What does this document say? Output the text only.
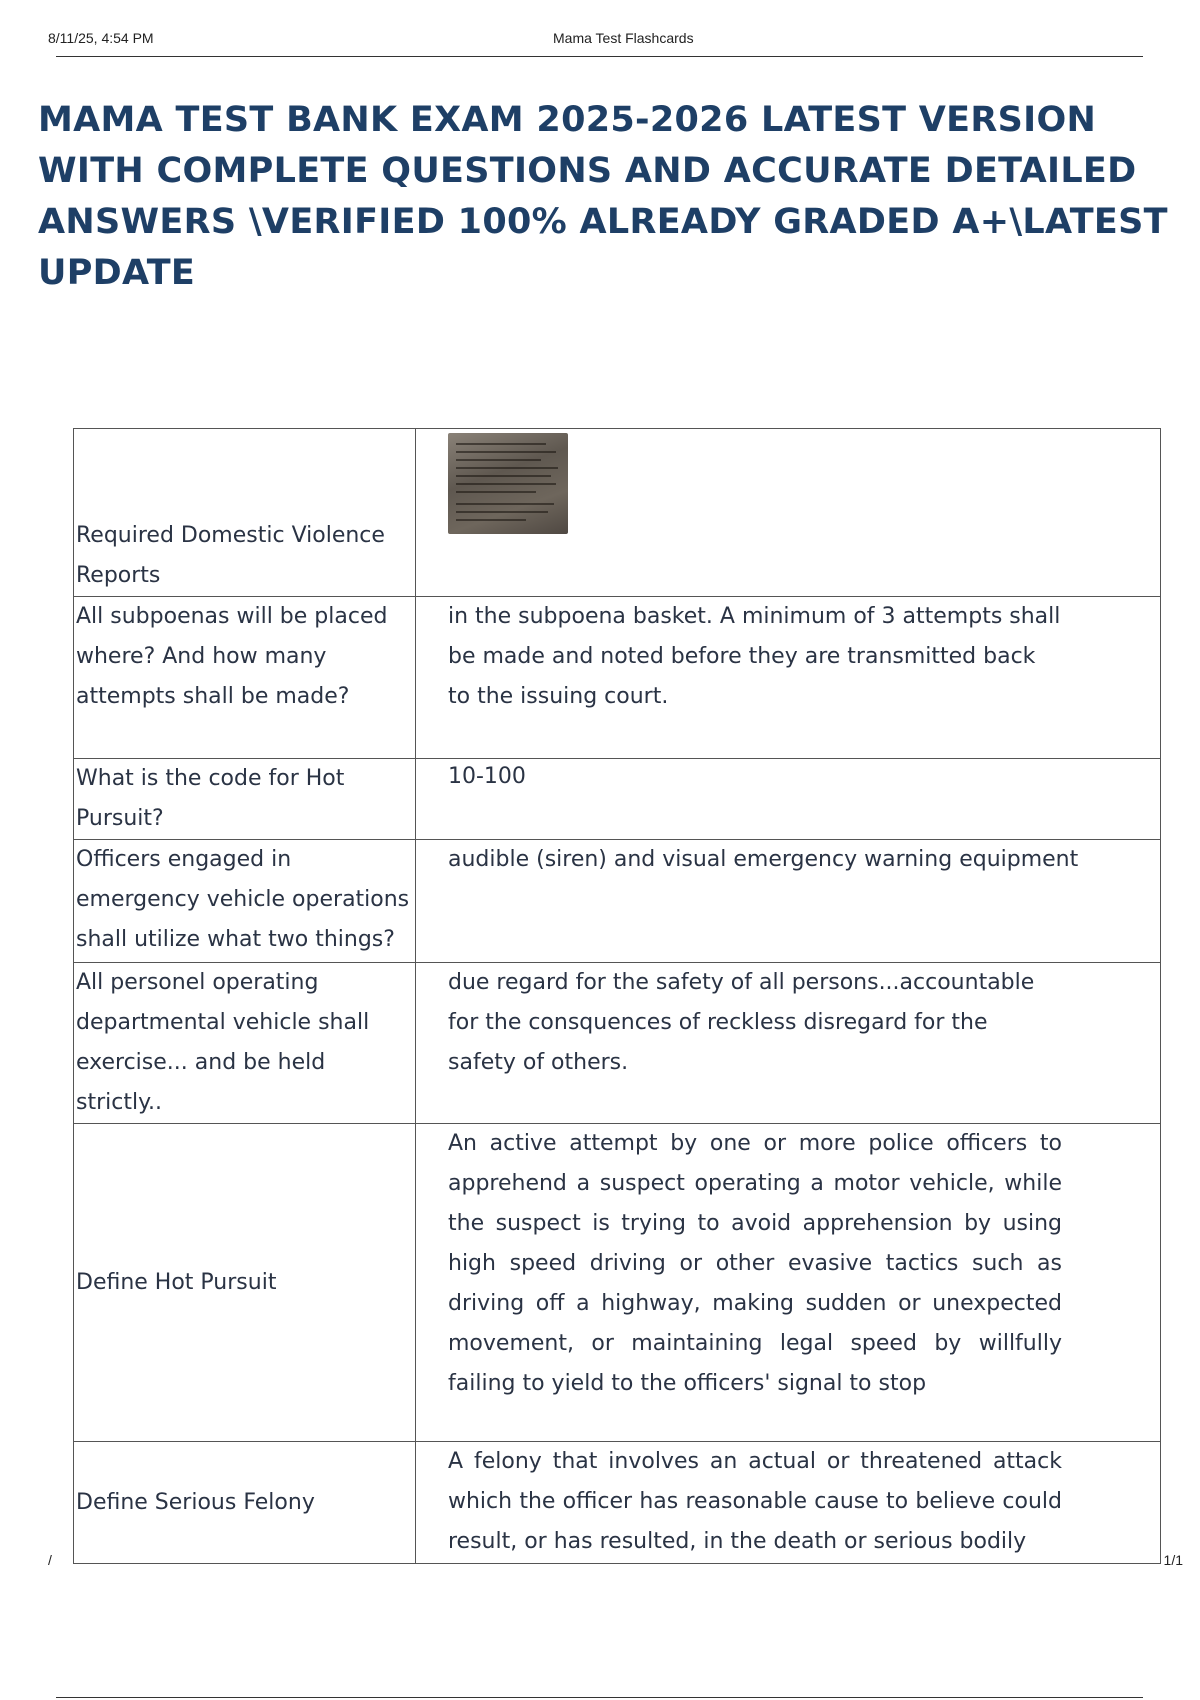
8/11/25, 4:54 PM	Mama Test Flashcards
MAMA TEST BANK EXAM 2025-2026 LATEST VERSION WITH COMPLETE QUESTIONS AND ACCURATE DETAILED ANSWERS \VERIFIED 100% ALREADY GRADED A+\LATEST UPDATE
Required Domestic Violence Reports	

All subpoenas will be placed where? And how many attempts shall be made?	in the subpoena basket. A minimum of 3 attempts shall be made and noted before they are transmitted back to the issuing court.
What is the code for Hot Pursuit?	10-100
Officers engaged in emergency vehicle operations shall utilize what two things?	audible (siren) and visual emergency warning equipment
All personel operating departmental vehicle shall exercise... and be held strictly..	due regard for the safety of all persons...accountable for the consquences of reckless disregard for the safety of others.
Define Hot Pursuit	An active attempt by one or more police officers to apprehend a suspect operating a motor vehicle, while the suspect is trying to avoid apprehension by using high speed driving or other evasive tactics such as driving off a highway, making sudden or unexpected movement, or maintaining legal speed by willfully failing to yield to the officers' signal to stop
Define Serious Felony	A felony that involves an actual or threatened attack which the officer has reasonable cause to believe could result, or has resulted, in the death or serious bodily
/	1/1
